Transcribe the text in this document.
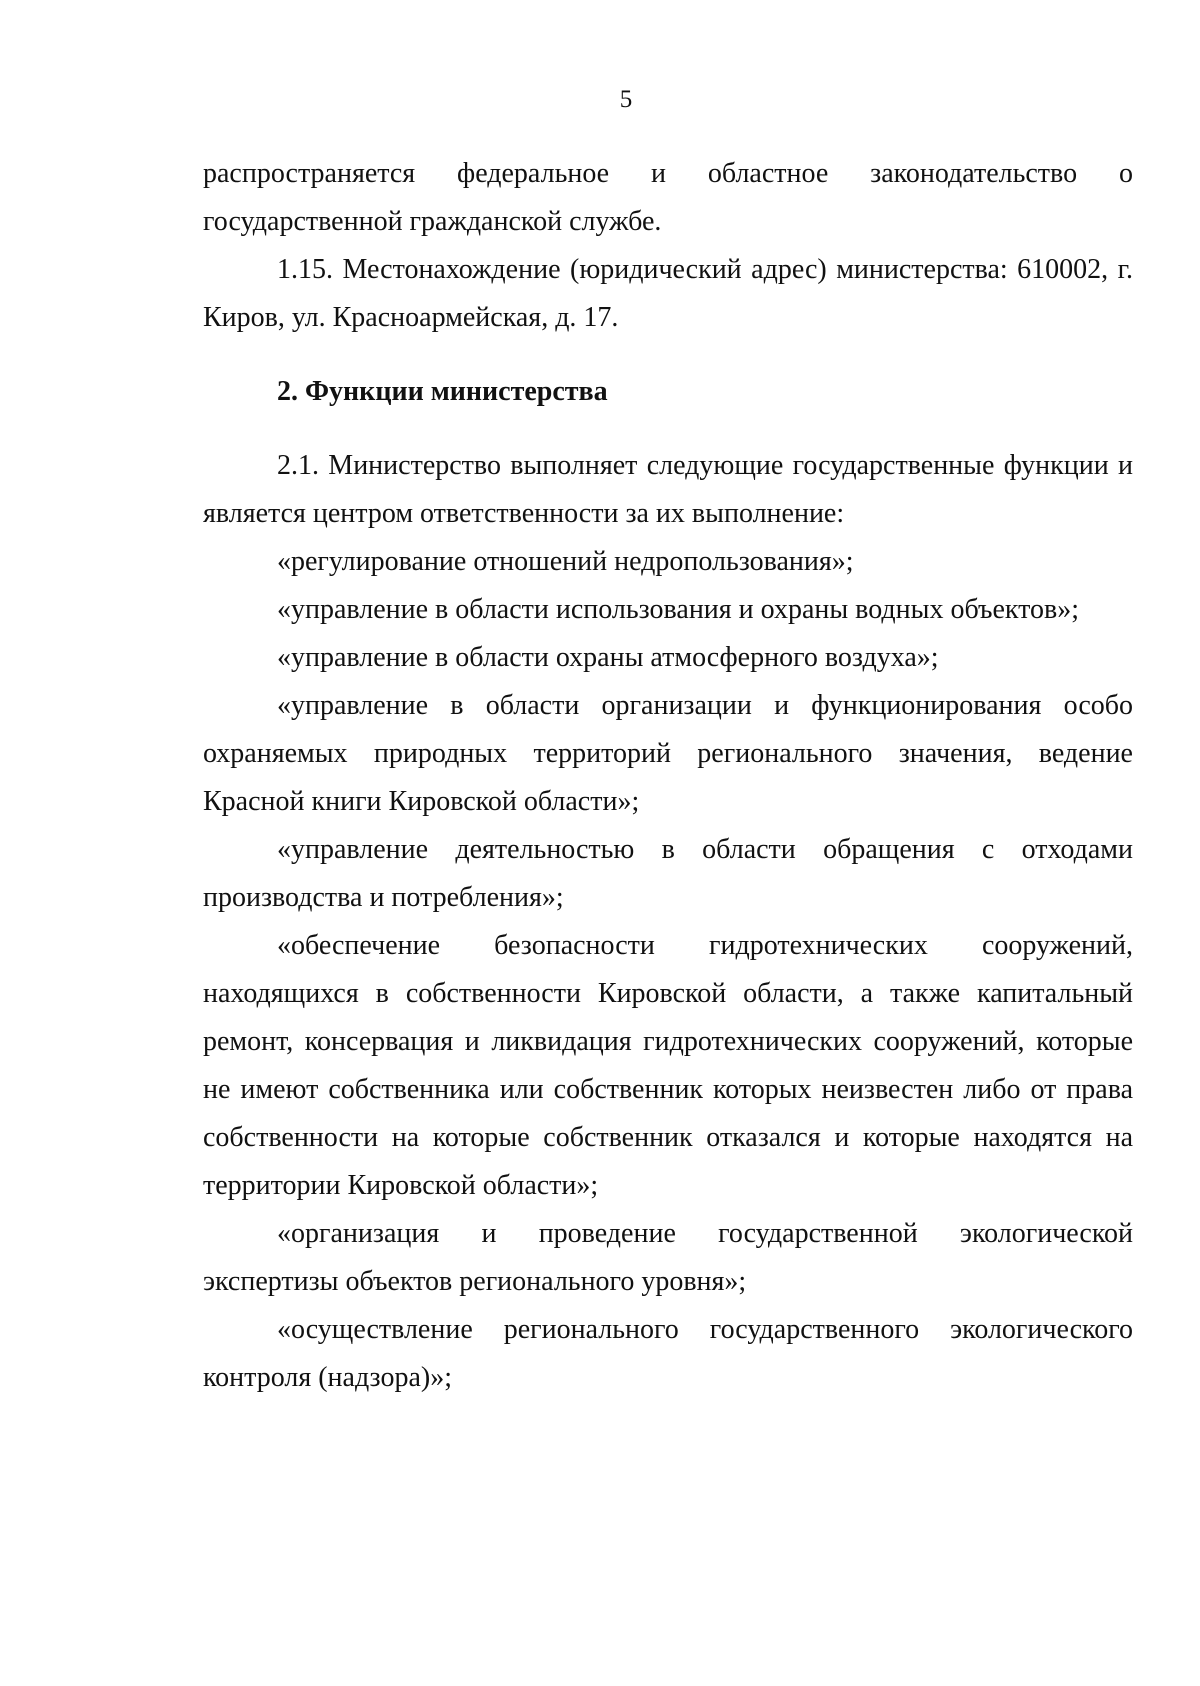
5

распространяется федеральное и областное законодательство о государственной гражданской службе.

1.15. Местонахождение (юридический адрес) министерства: 610002, г. Киров, ул. Красноармейская, д. 17.

2. Функции министерства

2.1. Министерство выполняет следующие государственные функции и является центром ответственности за их выполнение:

«регулирование отношений недропользования»;

«управление в области использования и охраны водных объектов»;

«управление в области охраны атмосферного воздуха»;

«управление в области организации и функционирования особо охраняемых природных территорий регионального значения, ведение Красной книги Кировской области»;

«управление деятельностью в области обращения с отходами производства и потребления»;

«обеспечение безопасности гидротехнических сооружений, находящихся в собственности Кировской области, а также капитальный ремонт, консервация и ликвидация гидротехнических сооружений, которые не имеют собственника или собственник которых неизвестен либо от права собственности на которые собственник отказался и которые находятся на территории Кировской области»;

«организация и проведение государственной экологической экспертизы объектов регионального уровня»;

«осуществление регионального государственного экологического контроля (надзора)»;
